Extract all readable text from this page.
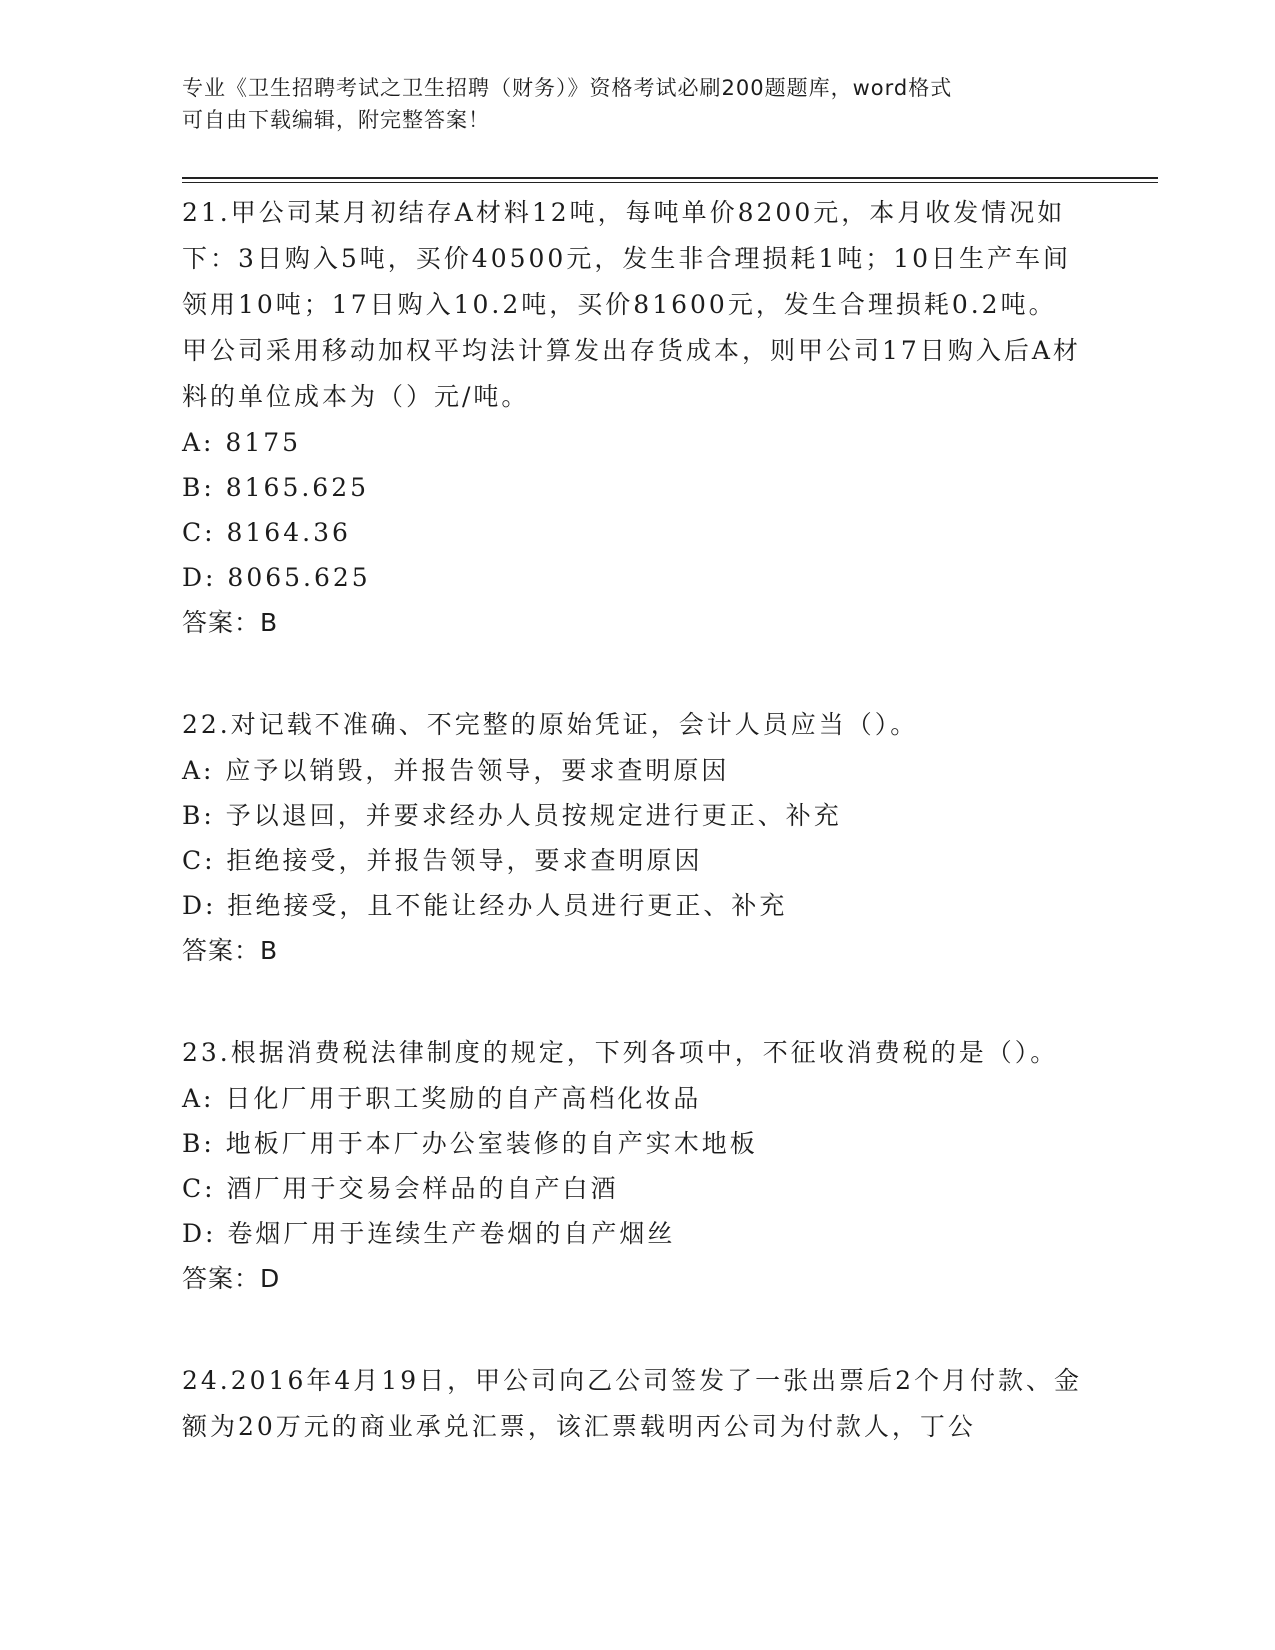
专业《卫生招聘考试之卫生招聘（财务）》资格考试必刷200题题库，word格式
可自由下载编辑，附完整答案！
21.甲公司某月初结存A材料12吨，每吨单价8200元，本月收发情况如下：3日购入5吨，买价40500元，发生非合理损耗1吨；10日生产车间领用10吨；17日购入10.2吨，买价81600元，发生合理损耗0.2吨。甲公司采用移动加权平均法计算发出存货成本，则甲公司17日购入后A材料的单位成本为（）元/吨。
A: 8175
B: 8165.625
C: 8164.36
D: 8065.625
答案：B
22.对记载不准确、不完整的原始凭证，会计人员应当（）。
A: 应予以销毁，并报告领导，要求查明原因
B: 予以退回，并要求经办人员按规定进行更正、补充
C: 拒绝接受，并报告领导，要求查明原因
D: 拒绝接受，且不能让经办人员进行更正、补充
答案：B
23.根据消费税法律制度的规定，下列各项中，不征收消费税的是（）。
A: 日化厂用于职工奖励的自产高档化妆品
B: 地板厂用于本厂办公室装修的自产实木地板
C: 酒厂用于交易会样品的自产白酒
D: 卷烟厂用于连续生产卷烟的自产烟丝
答案：D
24.2016年4月19日，甲公司向乙公司签发了一张出票后2个月付款、金额为20万元的商业承兑汇票，该汇票载明丙公司为付款人，丁公
